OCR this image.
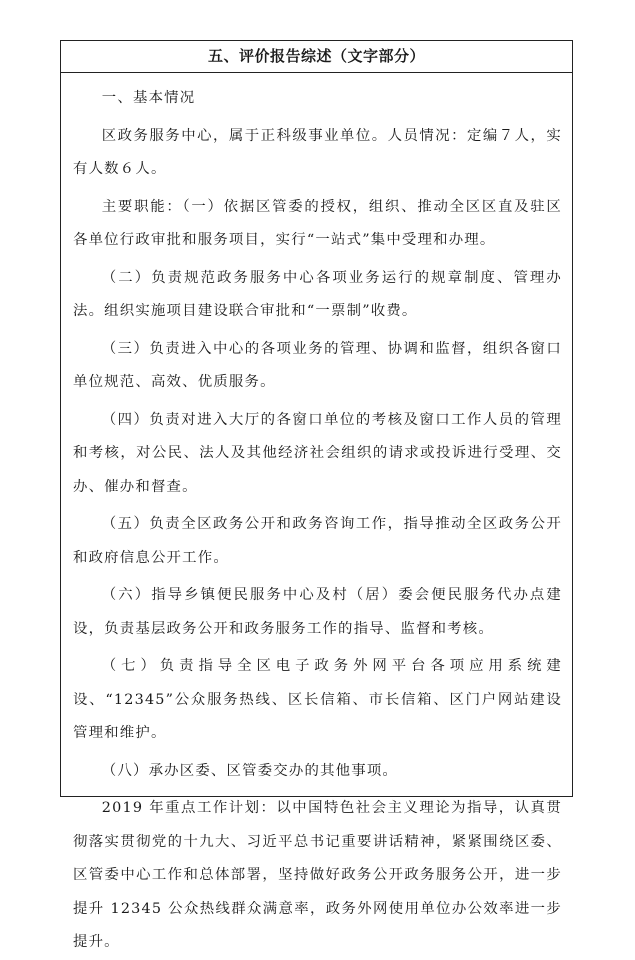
五、评价报告综述（文字部分）

一、基本情况

区政务服务中心，属于正科级事业单位。人员情况：定编７人，实有人数６人。

主要职能：（一）依据区管委的授权，组织、推动全区区直及驻区各单位行政审批和服务项目，实行“一站式”集中受理和办理。

（二）负责规范政务服务中心各项业务运行的规章制度、管理办法。组织实施项目建设联合审批和“一票制”收费。

（三）负责进入中心的各项业务的管理、协调和监督，组织各窗口单位规范、高效、优质服务。

（四）负责对进入大厅的各窗口单位的考核及窗口工作人员的管理和考核，对公民、法人及其他经济社会组织的请求或投诉进行受理、交办、催办和督查。

（五）负责全区政务公开和政务咨询工作，指导推动全区政务公开和政府信息公开工作。

（六）指导乡镇便民服务中心及村（居）委会便民服务代办点建设，负责基层政务公开和政务服务工作的指导、监督和考核。

（七）负责指导全区电子政务外网平台各项应用系统建设、“12345”公众服务热线、区长信箱、市长信箱、区门户网站建设管理和维护。

（八）承办区委、区管委交办的其他事项。

2019 年重点工作计划：以中国特色社会主义理论为指导，认真贯彻落实贯彻党的十九大、习近平总书记重要讲话精神，紧紧围绕区委、区管委中心工作和总体部署，坚持做好政务公开政务服务公开，进一步提升 12345 公众热线群众满意率，政务外网使用单位办公效率进一步提升。
